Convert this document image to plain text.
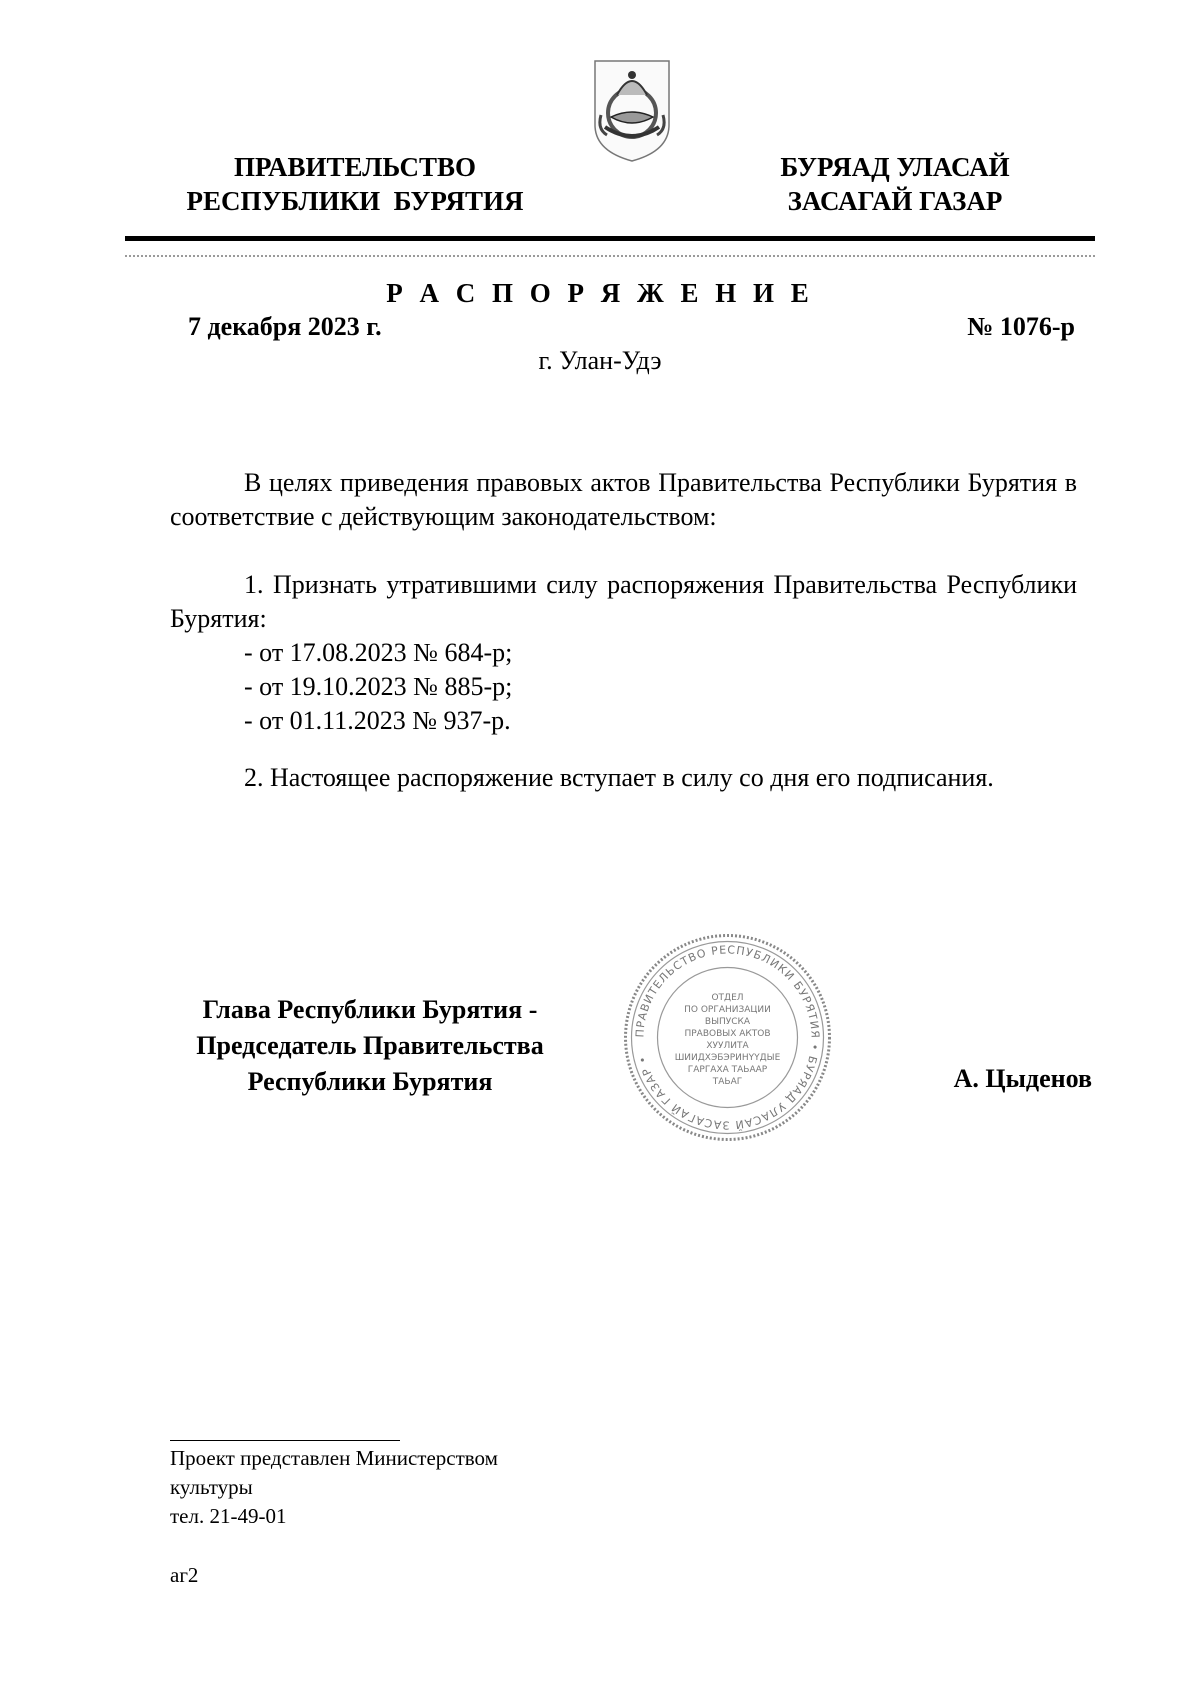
ПРАВИТЕЛЬСТВО
РЕСПУБЛИКИ  БУРЯТИЯ
БУРЯАД УЛАСАЙ
ЗАСАГАЙ ГАЗАР
Р А С П О Р Я Ж Е Н И Е
7 декабря 2023 г.	№ 1076-р
г. Улан-Удэ
В целях приведения правовых актов Правительства Республики Бурятия в соответствие с действующим законодательством:
1. Признать утратившими силу распоряжения Правительства Республики Бурятия:
- от 17.08.2023 № 684-р;
- от 19.10.2023 № 885-р;
- от 01.11.2023 № 937-р.
2. Настоящее распоряжение вступает в силу со дня его подписания.
Глава Республики Бурятия -
Председатель Правительства
Республики Бурятия
ПРАВИТЕЛЬСТВО РЕСПУБЛИКИ БУРЯТИЯ • БУРЯАД УЛАСАЙ ЗАСАГАЙ ГАЗАР •
ОТДЕЛ
ПО ОРГАНИЗАЦИИ
ВЫПУСКА
ПРАВОВЫХ АКТОВ
ХУУЛИТА
ШИИДХЭБЭРИНҮҮДЫЕ
ГАРГАХА ТАЬААР
ТАЬАГ	А. Цыденов
Проект представлен Министерством
культуры
тел. 21-49-01
аг2
